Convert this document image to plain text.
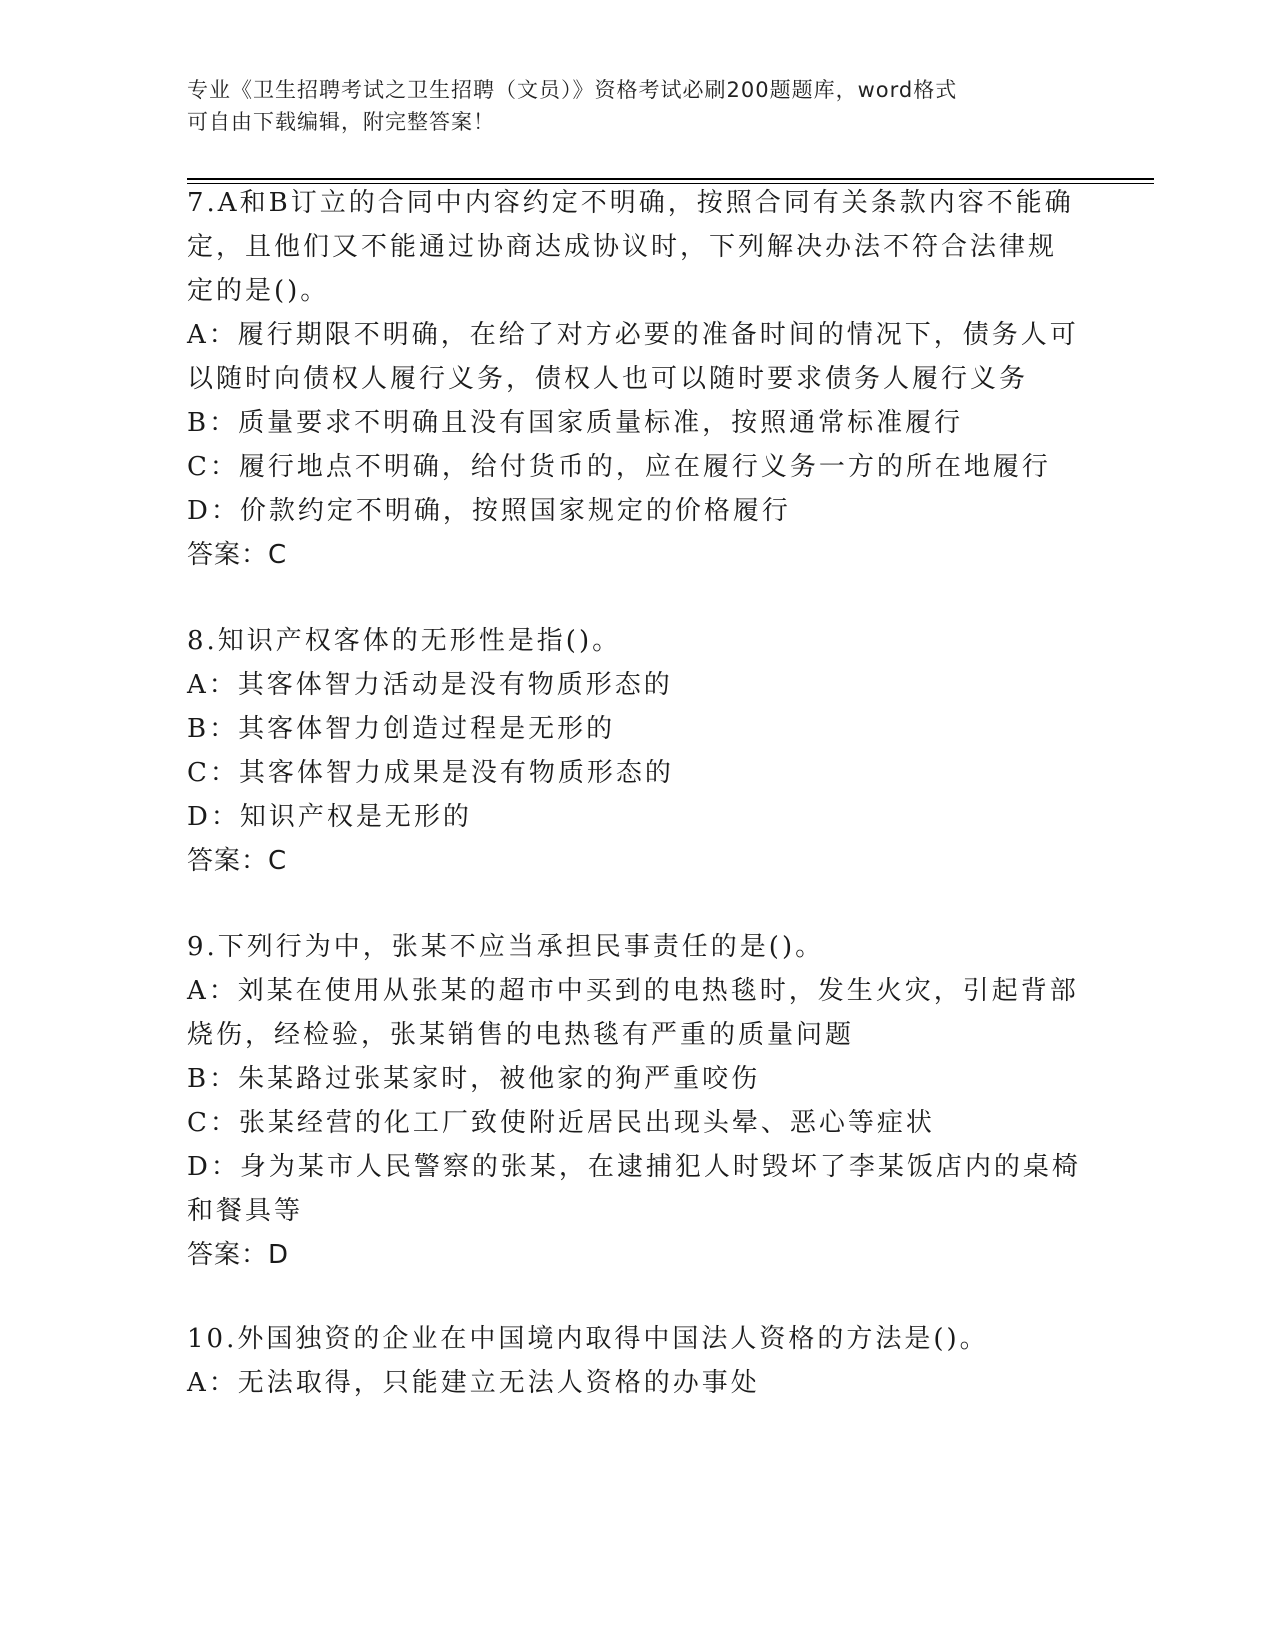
专业《卫生招聘考试之卫生招聘（文员）》资格考试必刷200题题库，word格式
可自由下载编辑，附完整答案！
7.A和B订立的合同中内容约定不明确，按照合同有关条款内容不能确
定，且他们又不能通过协商达成协议时，下列解决办法不符合法律规
定的是()。
A：履行期限不明确，在给了对方必要的准备时间的情况下，债务人可
以随时向债权人履行义务，债权人也可以随时要求债务人履行义务
B：质量要求不明确且没有国家质量标准，按照通常标准履行
C：履行地点不明确，给付货币的，应在履行义务一方的所在地履行
D：价款约定不明确，按照国家规定的价格履行
答案：C
8.知识产权客体的无形性是指()。
A：其客体智力活动是没有物质形态的
B：其客体智力创造过程是无形的
C：其客体智力成果是没有物质形态的
D：知识产权是无形的
答案：C
9.下列行为中，张某不应当承担民事责任的是()。
A：刘某在使用从张某的超市中买到的电热毯时，发生火灾，引起背部
烧伤，经检验，张某销售的电热毯有严重的质量问题
B：朱某路过张某家时，被他家的狗严重咬伤
C：张某经营的化工厂致使附近居民出现头晕、恶心等症状
D：身为某市人民警察的张某，在逮捕犯人时毁坏了李某饭店内的桌椅
和餐具等
答案：D
10.外国独资的企业在中国境内取得中国法人资格的方法是()。
A：无法取得，只能建立无法人资格的办事处
